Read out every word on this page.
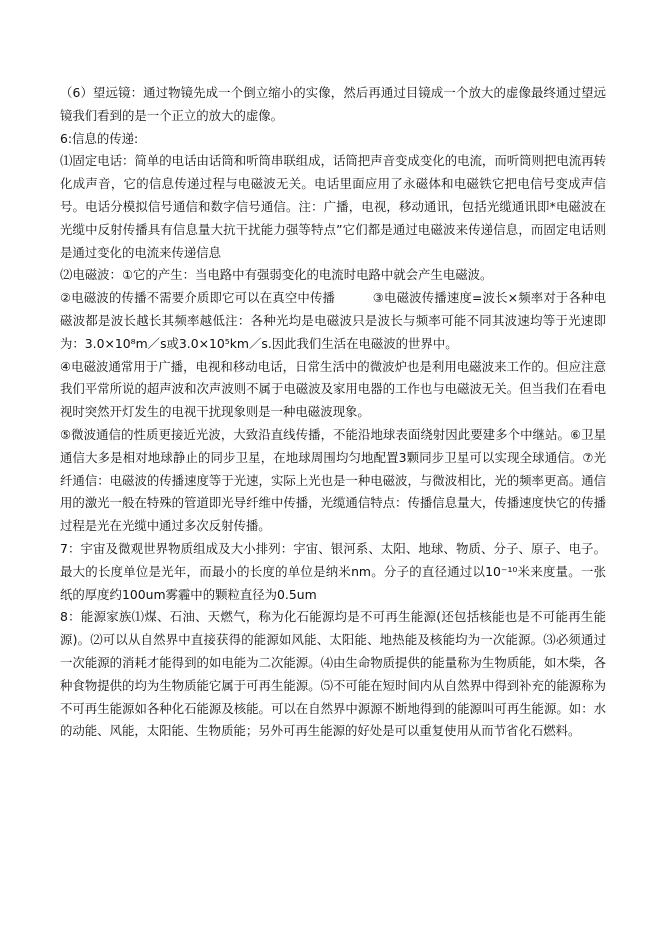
（6）望远镜：通过物镜先成一个倒立缩小的实像，然后再通过目镜成一个放大的虚像最终通过望远镜我们看到的是一个正立的放大的虚像。

6:信息的传递:

⑴固定电话：简单的电话由话筒和听筒串联组成，话筒把声音变成变化的电流，而听筒则把电流再转化成声音，它的信息传递过程与电磁波无关。电话里面应用了永磁体和电磁铁它把电信号变成声信号。电话分模拟信号通信和数字信号通信。注：广播，电视，移动通讯，包括光缆通讯即*电磁波在光缆中反射传播具有信息量大抗干扰能力强等特点”它们都是通过电磁波来传递信息，而固定电话则是通过变化的电流来传递信息

⑵电磁波：①它的产生：当电路中有强弱变化的电流时电路中就会产生电磁波。

②电磁波的传播不需要介质即它可以在真空中传播　　　③电磁波传播速度=波长×频率对于各种电磁波都是波长越长其频率越低注：各种光均是电磁波只是波长与频率可能不同其波速均等于光速即为：3.0×10⁸m／s或3.0×10⁵km／s.因此我们生活在电磁波的世界中。

④电磁波通常用于广播，电视和移动电话，日常生活中的微波炉也是利用电磁波来工作的。但应注意我们平常所说的超声波和次声波则不属于电磁波及家用电器的工作也与电磁波无关。但当我们在看电视时突然开灯发生的电视干扰现象则是一种电磁波现象。

⑤微波通信的性质更接近光波，大致沿直线传播，不能沿地球表面绕射因此要建多个中继站。⑥卫星通信大多是相对地球静止的同步卫星，在地球周围均匀地配置3颗同步卫星可以实现全球通信。⑦光纤通信：电磁波的传播速度等于光速，实际上光也是一种电磁波，与微波相比，光的频率更高。通信用的激光一般在特殊的管道即光导纤维中传播，光缆通信特点：传播信息量大，传播速度快它的传播过程是光在光缆中通过多次反射传播。

7：宇宙及微观世界物质组成及大小排列：宇宙、银河系、太阳、地球、物质、分子、原子、电子。最大的长度单位是光年，而最小的长度的单位是纳米nm。分子的直径通过以10⁻¹⁰米来度量。一张纸的厚度约100um雾霾中的颗粒直径为0.5um

8：能源家族⑴煤、石油、天燃气，称为化石能源均是不可再生能源(还包括核能也是不可能再生能源)。⑵可以从自然界中直接获得的能源如风能、太阳能、地热能及核能均为一次能源。⑶必须通过一次能源的消耗才能得到的如电能为二次能源。⑷由生命物质提供的能量称为生物质能，如木柴，各种食物提供的均为生物质能它属于可再生能源。⑸不可能在短时间内从自然界中得到补充的能源称为不可再生能源如各种化石能源及核能。可以在自然界中源源不断地得到的能源叫可再生能源。如：水的动能、风能，太阳能、生物质能；另外可再生能源的好处是可以重复使用从而节省化石燃料。
